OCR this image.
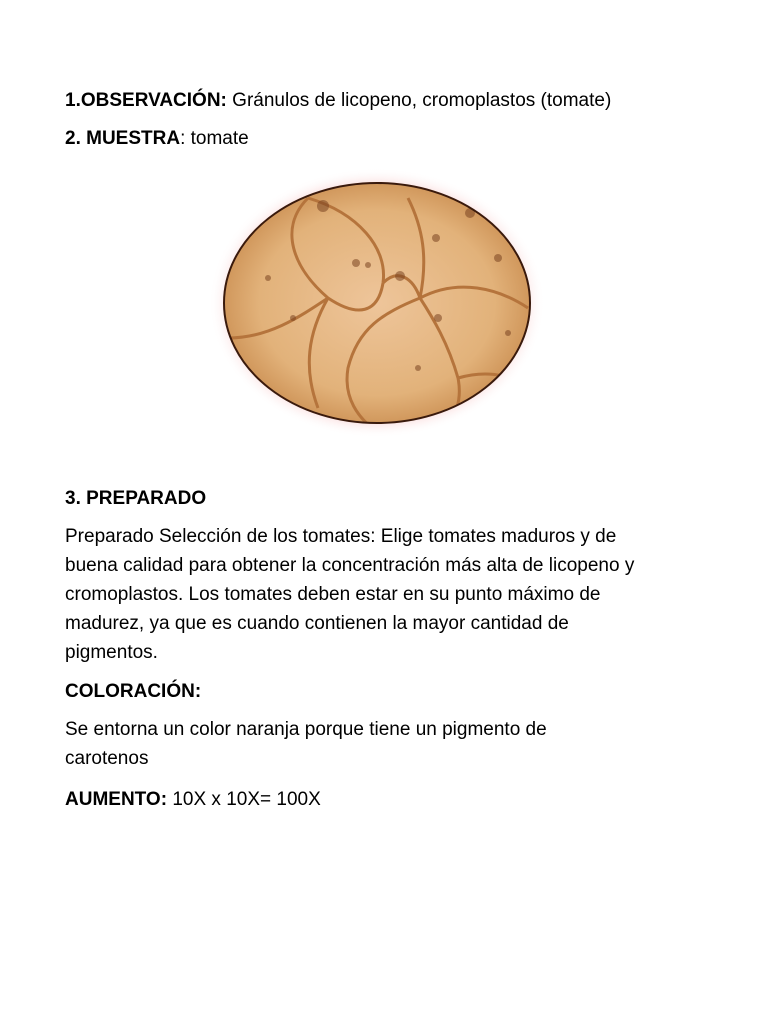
1.OBSERVACIÓN: Gránulos de licopeno, cromoplastos (tomate)
2. MUESTRA: tomate
3. PREPARADO
Preparado Selección de los tomates: Elige tomates maduros y de
buena calidad para obtener la concentración más alta de licopeno y
cromoplastos. Los tomates deben estar en su punto máximo de
madurez, ya que es cuando contienen la mayor cantidad de
pigmentos.
COLORACIÓN:
Se entorna un color naranja porque tiene un pigmento de
carotenos
AUMENTO: 10X x 10X= 100X
